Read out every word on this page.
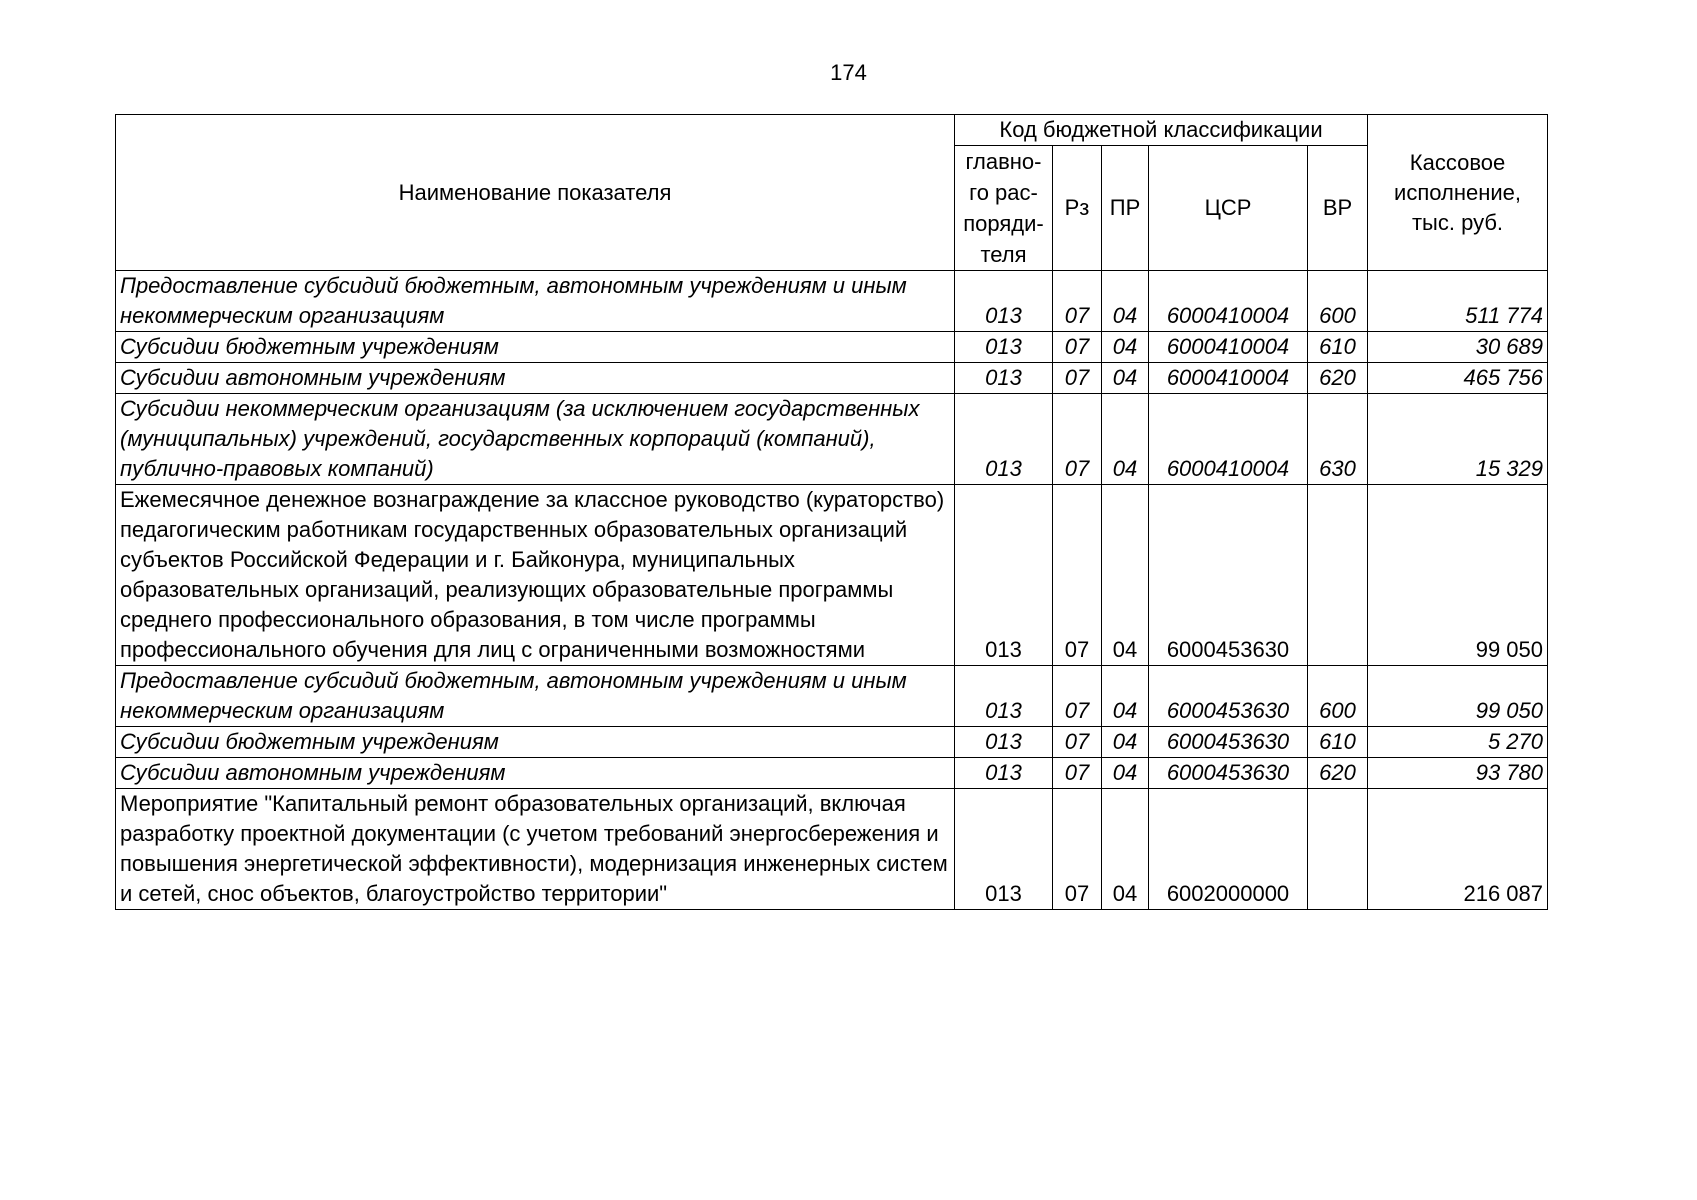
174
Наименование показателя	Код бюджетной классификации					Кассовое
исполнение,
тыс. руб.

	главно-
го рас-
поряди-
теля	Рз	ПР	ЦСР	ВР	
Предоставление субсидий бюджетным, автономным учреждениям и иным некоммерческим организациям	013	07	04	6000410004	600	511 774
Субсидии бюджетным учреждениям	013	07	04	6000410004	610	30 689
Субсидии автономным учреждениям	013	07	04	6000410004	620	465 756
Субсидии некоммерческим организациям (за исключением государственных (муниципальных) учреждений, государственных корпораций (компаний), публично-правовых компаний)	013	07	04	6000410004	630	15 329
Ежемесячное денежное вознаграждение за классное руководство (кураторство) педагогическим работникам государственных образовательных организаций субъектов Российской Федерации и г. Байконура, муниципальных образовательных организаций, реализующих образовательные программы среднего профессионального образования, в том числе программы профессионального обучения для лиц с ограниченными возможностями	013	07	04	6000453630		99 050
Предоставление субсидий бюджетным, автономным учреждениям и иным некоммерческим организациям	013	07	04	6000453630	600	99 050
Субсидии бюджетным учреждениям	013	07	04	6000453630	610	5 270
Субсидии автономным учреждениям	013	07	04	6000453630	620	93 780
Мероприятие "Капитальный ремонт образовательных организаций, включая разработку проектной документации (с учетом требований энергосбережения и повышения энергетической эффективности), модернизация инженерных систем и сетей, снос объектов, благоустройство территории"	013	07	04	6002000000		216 087
